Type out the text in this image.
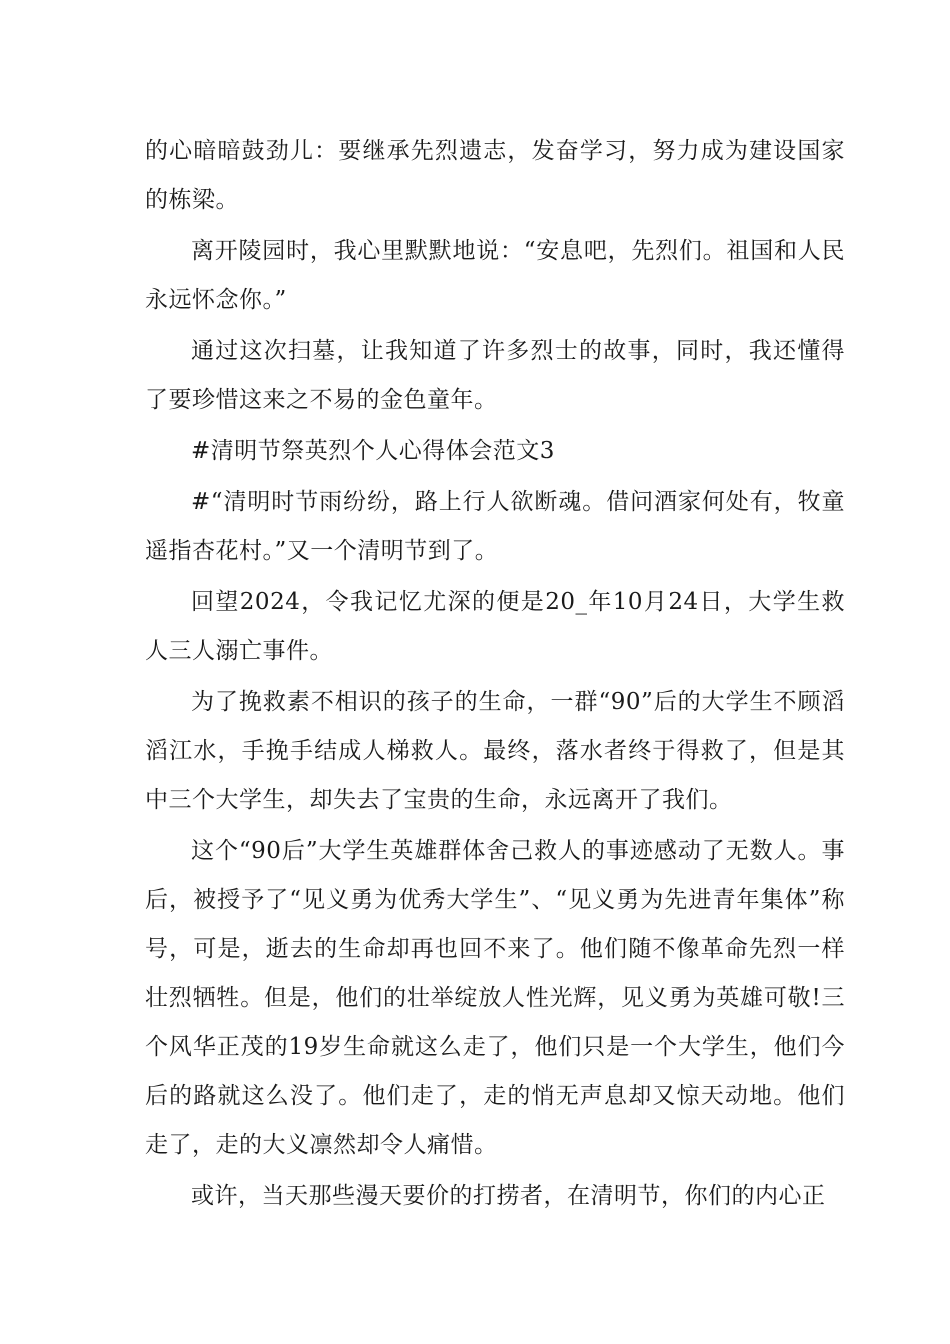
的心暗暗鼓劲儿：要继承先烈遗志，发奋学习，努力成为建设国家的栋梁。

离开陵园时，我心里默默地说：“安息吧，先烈们。祖国和人民永远怀念你。”

通过这次扫墓，让我知道了许多烈士的故事，同时，我还懂得了要珍惜这来之不易的金色童年。

#清明节祭英烈个人心得体会范文3

#“清明时节雨纷纷，路上行人欲断魂。借问酒家何处有，牧童遥指杏花村。”又一个清明节到了。

回望2024，令我记忆尤深的便是20_年10月24日，大学生救人三人溺亡事件。

为了挽救素不相识的孩子的生命，一群“90”后的大学生不顾滔滔江水，手挽手结成人梯救人。最终，落水者终于得救了，但是其中三个大学生，却失去了宝贵的生命，永远离开了我们。

这个“90后”大学生英雄群体舍己救人的事迹感动了无数人。事后，被授予了“见义勇为优秀大学生”、“见义勇为先进青年集体”称号，可是，逝去的生命却再也回不来了。他们随不像革命先烈一样壮烈牺牲。但是，他们的壮举绽放人性光辉，见义勇为英雄可敬!三个风华正茂的19岁生命就这么走了，他们只是一个大学生，他们今后的路就这么没了。他们走了，走的悄无声息却又惊天动地。他们走了，走的大义凛然却令人痛惜。

或许，当天那些漫天要价的打捞者，在清明节，你们的内心正
